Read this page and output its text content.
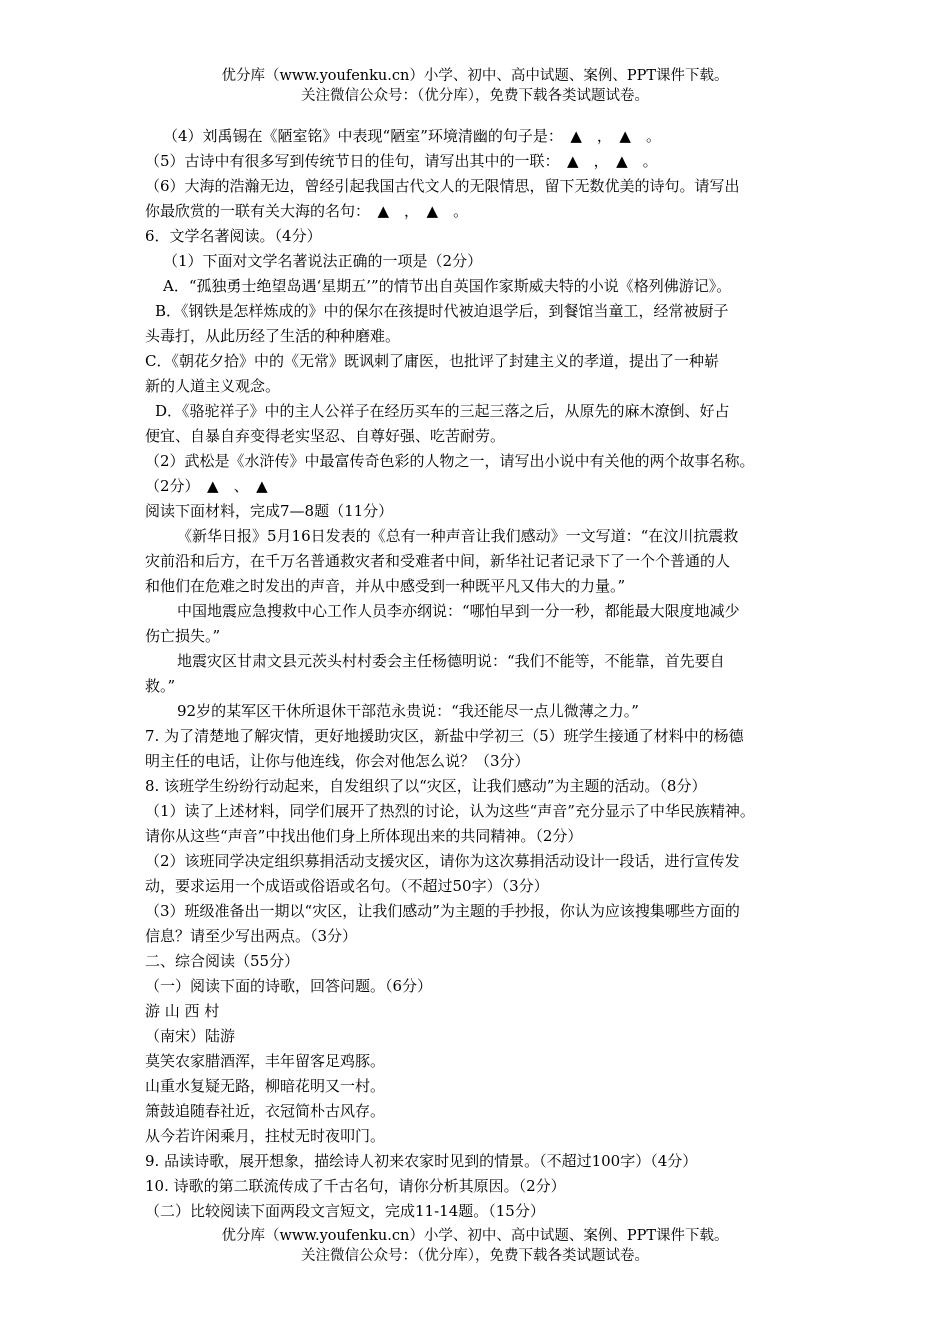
优分库（www.youfenku.cn）小学、初中、高中试题、案例、PPT课件下载。
关注微信公众号：（优分库），免费下载各类试题试卷。
（4）刘禹锡在《陋室铭》中表现“陋室”环境清幽的句子是：　▲　，　▲　。
（5）古诗中有很多写到传统节日的佳句，请写出其中的一联：　▲　，　▲　。
（6）大海的浩瀚无边，曾经引起我国古代文人的无限情思，留下无数优美的诗句。请写出
你最欣赏的一联有关大海的名句：　▲　，　▲　。
6．文学名著阅读。（4分）
（1）下面对文学名著说法正确的一项是（2分）
A．“孤独勇士绝望岛遇‘星期五’”的情节出自英国作家斯威夫特的小说《格列佛游记》。
B．《钢铁是怎样炼成的》中的保尔在孩提时代被迫退学后，到餐馆当童工，经常被厨子
头毒打，从此历经了生活的种种磨难。
C．《朝花夕拾》中的《无常》既讽刺了庸医，也批评了封建主义的孝道，提出了一种崭
新的人道主义观念。
D．《骆驼祥子》中的主人公祥子在经历买车的三起三落之后，从原先的麻木潦倒、好占
便宜、自暴自弃变得老实坚忍、自尊好强、吃苦耐劳。
（2）武松是《水浒传》中最富传奇色彩的人物之一，请写出小说中有关他的两个故事名称。
（2分）　▲　、　▲
阅读下面材料，完成7—8题（11分）
《新华日报》5月16日发表的《总有一种声音让我们感动》一文写道：“在汶川抗震救
灾前沿和后方，在千万名普通救灾者和受难者中间，新华社记者记录下了一个个普通的人
和他们在危难之时发出的声音，并从中感受到一种既平凡又伟大的力量。”
中国地震应急搜救中心工作人员李亦纲说：“哪怕早到一分一秒，都能最大限度地减少
伤亡损失。”
地震灾区甘肃文县元茨头村村委会主任杨德明说：“我们不能等，不能靠，首先要自
救。”
92岁的某军区干休所退休干部范永贵说：“我还能尽一点儿微薄之力。”
7. 为了清楚地了解灾情，更好地援助灾区，新盐中学初三（5）班学生接通了材料中的杨德
明主任的电话，让你与他连线，你会对他怎么说？（3分）
8. 该班学生纷纷行动起来，自发组织了以“灾区，让我们感动”为主题的活动。（8分）
（1）读了上述材料，同学们展开了热烈的讨论，认为这些“声音”充分显示了中华民族精神。
请你从这些“声音”中找出他们身上所体现出来的共同精神。（2分）
（2）该班同学决定组织募捐活动支援灾区，请你为这次募捐活动设计一段话，进行宣传发
动，要求运用一个成语或俗语或名句。（不超过50字）（3分）
（3）班级准备出一期以“灾区，让我们感动”为主题的手抄报，你认为应该搜集哪些方面的
信息？请至少写出两点。（3分）
二、综合阅读（55分）
（一）阅读下面的诗歌，回答问题。（6分）
游 山 西 村
（南宋）陆游
莫笑农家腊酒浑，丰年留客足鸡豚。
山重水复疑无路，柳暗花明又一村。
箫鼓追随春社近，衣冠简朴古风存。
从今若许闲乘月，拄杖无时夜叩门。
9. 品读诗歌，展开想象，描绘诗人初来农家时见到的情景。（不超过100字）（4分）
10. 诗歌的第二联流传成了千古名句，请你分析其原因。（2分）
（二）比较阅读下面两段文言短文，完成11-14题。（15分）
优分库（www.youfenku.cn）小学、初中、高中试题、案例、PPT课件下载。
关注微信公众号：（优分库），免费下载各类试题试卷。
